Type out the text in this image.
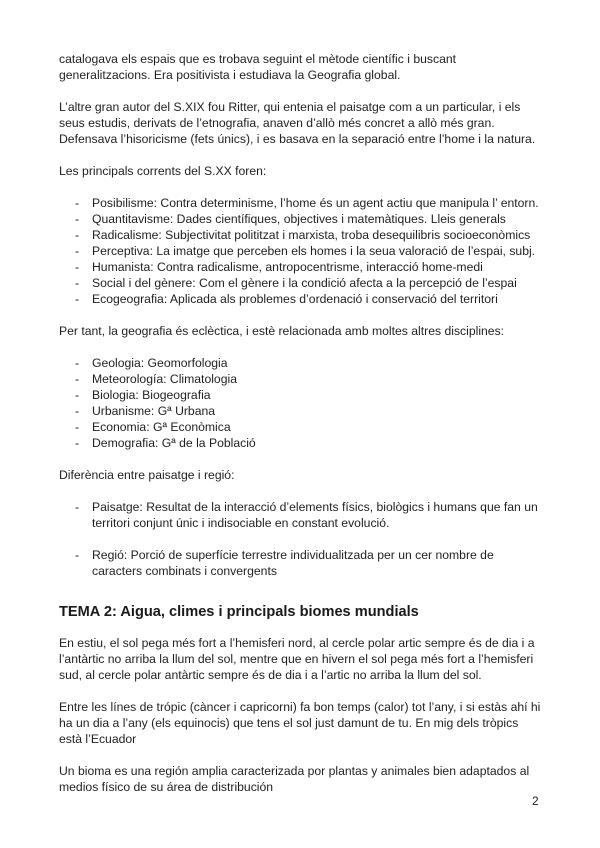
catalogava els espais que es trobava seguint el mètode científic i buscant generalitzacions. Era positivista i estudiava la Geografia global.

L’altre gran autor del S.XIX fou Ritter, qui entenia el paisatge com a un particular, i els seus estudis, derivats de l’etnografia, anaven d’allò més concret a allò més gran. Defensava l’hisoricisme (fets únics), i es basava en la separació entre l’home i la natura.

Les principals corrents del S.XX foren:

- Posibilisme: Contra determinisme, l’home és un agent actiu que manipula l’ entorn.
- Quantitavisme: Dades científiques, objectives i matemàtiques. Lleis generals
- Radicalisme: Subjectivitat polititzat i marxista, troba desequilibris socioeconòmics
- Perceptiva: La imatge que perceben els homes i la seua valoració de l’espai, subj.
- Humanista: Contra radicalisme, antropocentrisme, interacció home-medi
- Social i del gènere: Com el gènere i la condició afecta a la percepció de l’espai
- Ecogeografia: Aplicada als problemes d’ordenació i conservació del territori

Per tant, la geografia és eclèctica, i estè relacionada amb moltes altres disciplines:

- Geologia: Geomorfologia
- Meteorología: Climatologia
- Biologia: Biogeografia
- Urbanisme: Gª Urbana
- Economia: Gª Econòmica
- Demografia: Gª de la Població

Diferència entre paisatge i regió:

- Paisatge: Resultat de la interacció d’elements físics, biològics i humans que fan un territori conjunt únic i indisociable en constant evolució.
- Regió: Porció de superfície terrestre individualitzada per un cer nombre de caracters combinats i convergents
TEMA 2: Aigua, climes i principals biomes mundials

En estiu, el sol pega més fort a l’hemisferi nord, al cercle polar artic sempre és de dia i a l’antàrtic no arriba la llum del sol, mentre que en hivern el sol pega més fort a l’hemisferi sud, al cercle polar antàrtic sempre és de dia i a l’artic no arriba la llum del sol.

Entre les línes de trópic (càncer i capricorni) fa bon temps (calor) tot l’any, i si estàs ahí hi ha un dia a l’any (els equinocis) que tens el sol just damunt de tu. En mig dels tròpics està l’Ecuador

Un bioma es una región amplia caracterizada por plantas y animales bien adaptados al medios físico de su área de distribución

2
